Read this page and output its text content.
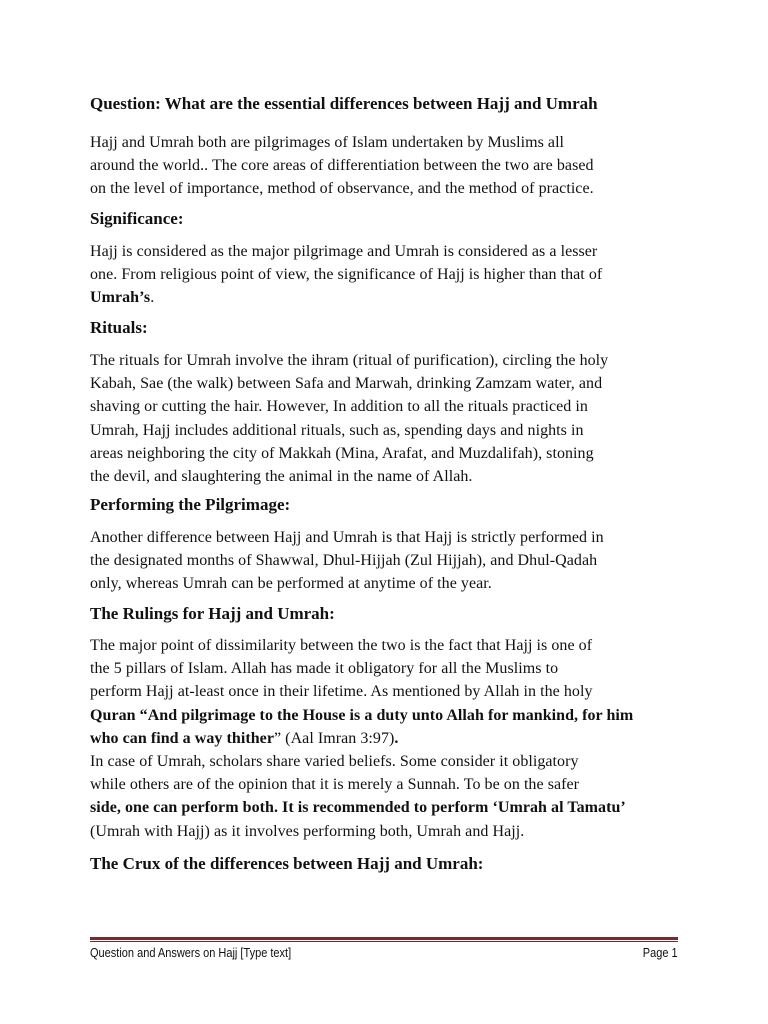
Question: What are the essential differences between Hajj and Umrah

Hajj and Umrah both are pilgrimages of Islam undertaken by Muslims all
around the world.. The core areas of differentiation between the two are based
on the level of importance, method of observance, and the method of practice.

Significance:

Hajj is considered as the major pilgrimage and Umrah is considered as a lesser
one. From religious point of view, the significance of Hajj is higher than that of
Umrah’s.

Rituals:

The rituals for Umrah involve the ihram (ritual of purification), circling the holy
Kabah, Sae (the walk) between Safa and Marwah, drinking Zamzam water, and
shaving or cutting the hair. However, In addition to all the rituals practiced in
Umrah, Hajj includes additional rituals, such as, spending days and nights in
areas neighboring the city of Makkah (Mina, Arafat, and Muzdalifah), stoning
the devil, and slaughtering the animal in the name of Allah.

Performing the Pilgrimage:

Another difference between Hajj and Umrah is that Hajj is strictly performed in
the designated months of Shawwal, Dhul-Hijjah (Zul Hijjah), and Dhul-Qadah
only, whereas Umrah can be performed at anytime of the year.

The Rulings for Hajj and Umrah:

The major point of dissimilarity between the two is the fact that Hajj is one of
the 5 pillars of Islam. Allah has made it obligatory for all the Muslims to
perform Hajj at-least once in their lifetime. As mentioned by Allah in the holy
Quran “And pilgrimage to the House is a duty unto Allah for mankind, for him
who can find a way thither” (Aal Imran 3:97).

In case of Umrah, scholars share varied beliefs. Some consider it obligatory
while others are of the opinion that it is merely a Sunnah. To be on the safer
side, one can perform both. It is recommended to perform ‘Umrah al Tamatu’
(Umrah with Hajj) as it involves performing both, Umrah and Hajj.

The Crux of the differences between Hajj and Umrah:
Question and Answers on Hajj [Type text]	Page 1
